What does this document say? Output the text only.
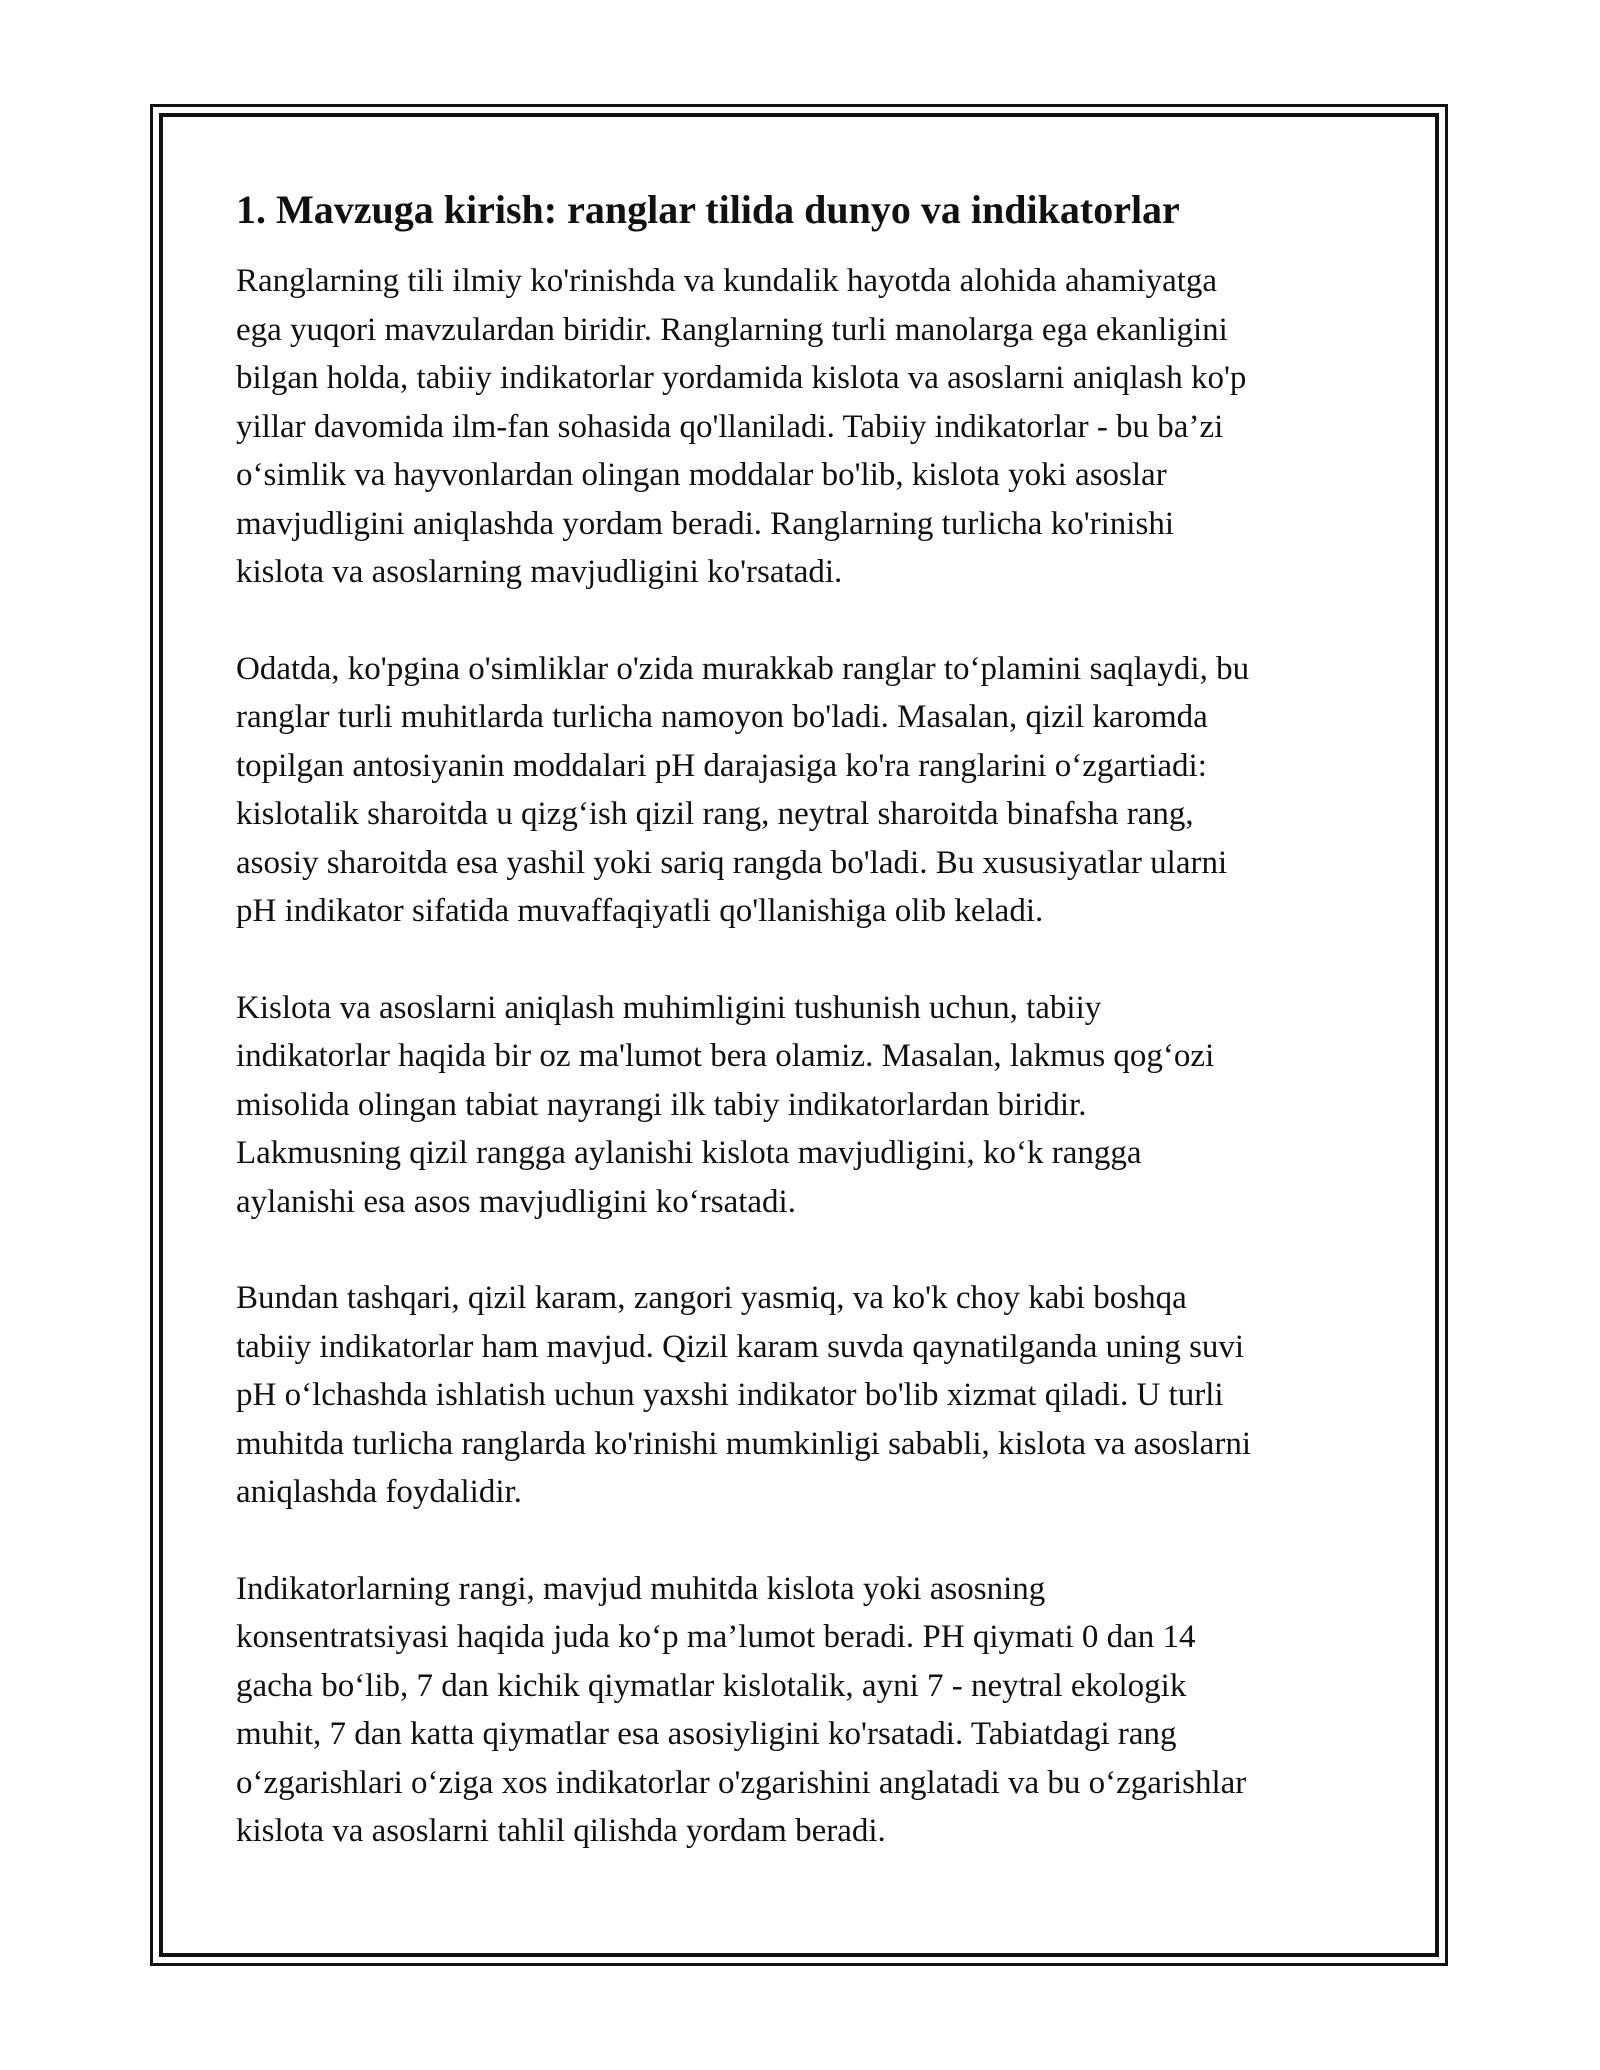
1. Mavzuga kirish: ranglar tilida dunyo va indikatorlar

Ranglarning tili ilmiy ko'rinishda va kundalik hayotda alohida ahamiyatga
ega yuqori mavzulardan biridir. Ranglarning turli manolarga ega ekanligini
bilgan holda, tabiiy indikatorlar yordamida kislota va asoslarni aniqlash ko'p
yillar davomida ilm-fan sohasida qo'llaniladi. Tabiiy indikatorlar - bu ba’zi
o‘simlik va hayvonlardan olingan moddalar bo'lib, kislota yoki asoslar
mavjudligini aniqlashda yordam beradi. Ranglarning turlicha ko'rinishi
kislota va asoslarning mavjudligini ko'rsatadi.

Odatda, ko'pgina o'simliklar o'zida murakkab ranglar to‘plamini saqlaydi, bu
ranglar turli muhitlarda turlicha namoyon bo'ladi. Masalan, qizil karomda
topilgan antosiyanin moddalari pH darajasiga ko'ra ranglarini o‘zgartiadi:
kislotalik sharoitda u qizg‘ish qizil rang, neytral sharoitda binafsha rang,
asosiy sharoitda esa yashil yoki sariq rangda bo'ladi. Bu xususiyatlar ularni
pH indikator sifatida muvaffaqiyatli qo'llanishiga olib keladi.

Kislota va asoslarni aniqlash muhimligini tushunish uchun, tabiiy
indikatorlar haqida bir oz ma'lumot bera olamiz. Masalan, lakmus qog‘ozi
misolida olingan tabiat nayrangi ilk tabiy indikatorlardan biridir.
Lakmusning qizil rangga aylanishi kislota mavjudligini, ko‘k rangga
aylanishi esa asos mavjudligini ko‘rsatadi.

Bundan tashqari, qizil karam, zangori yasmiq, va ko'k choy kabi boshqa
tabiiy indikatorlar ham mavjud. Qizil karam suvda qaynatilganda uning suvi
pH o‘lchashda ishlatish uchun yaxshi indikator bo'lib xizmat qiladi. U turli
muhitda turlicha ranglarda ko'rinishi mumkinligi sababli, kislota va asoslarni
aniqlashda foydalidir.

Indikatorlarning rangi, mavjud muhitda kislota yoki asosning
konsentratsiyasi haqida juda ko‘p ma’lumot beradi. PH qiymati 0 dan 14
gacha bo‘lib, 7 dan kichik qiymatlar kislotalik, ayni 7 - neytral ekologik
muhit, 7 dan katta qiymatlar esa asosiyligini ko'rsatadi. Tabiatdagi rang
o‘zgarishlari o‘ziga xos indikatorlar o'zgarishini anglatadi va bu o‘zgarishlar
kislota va asoslarni tahlil qilishda yordam beradi.
